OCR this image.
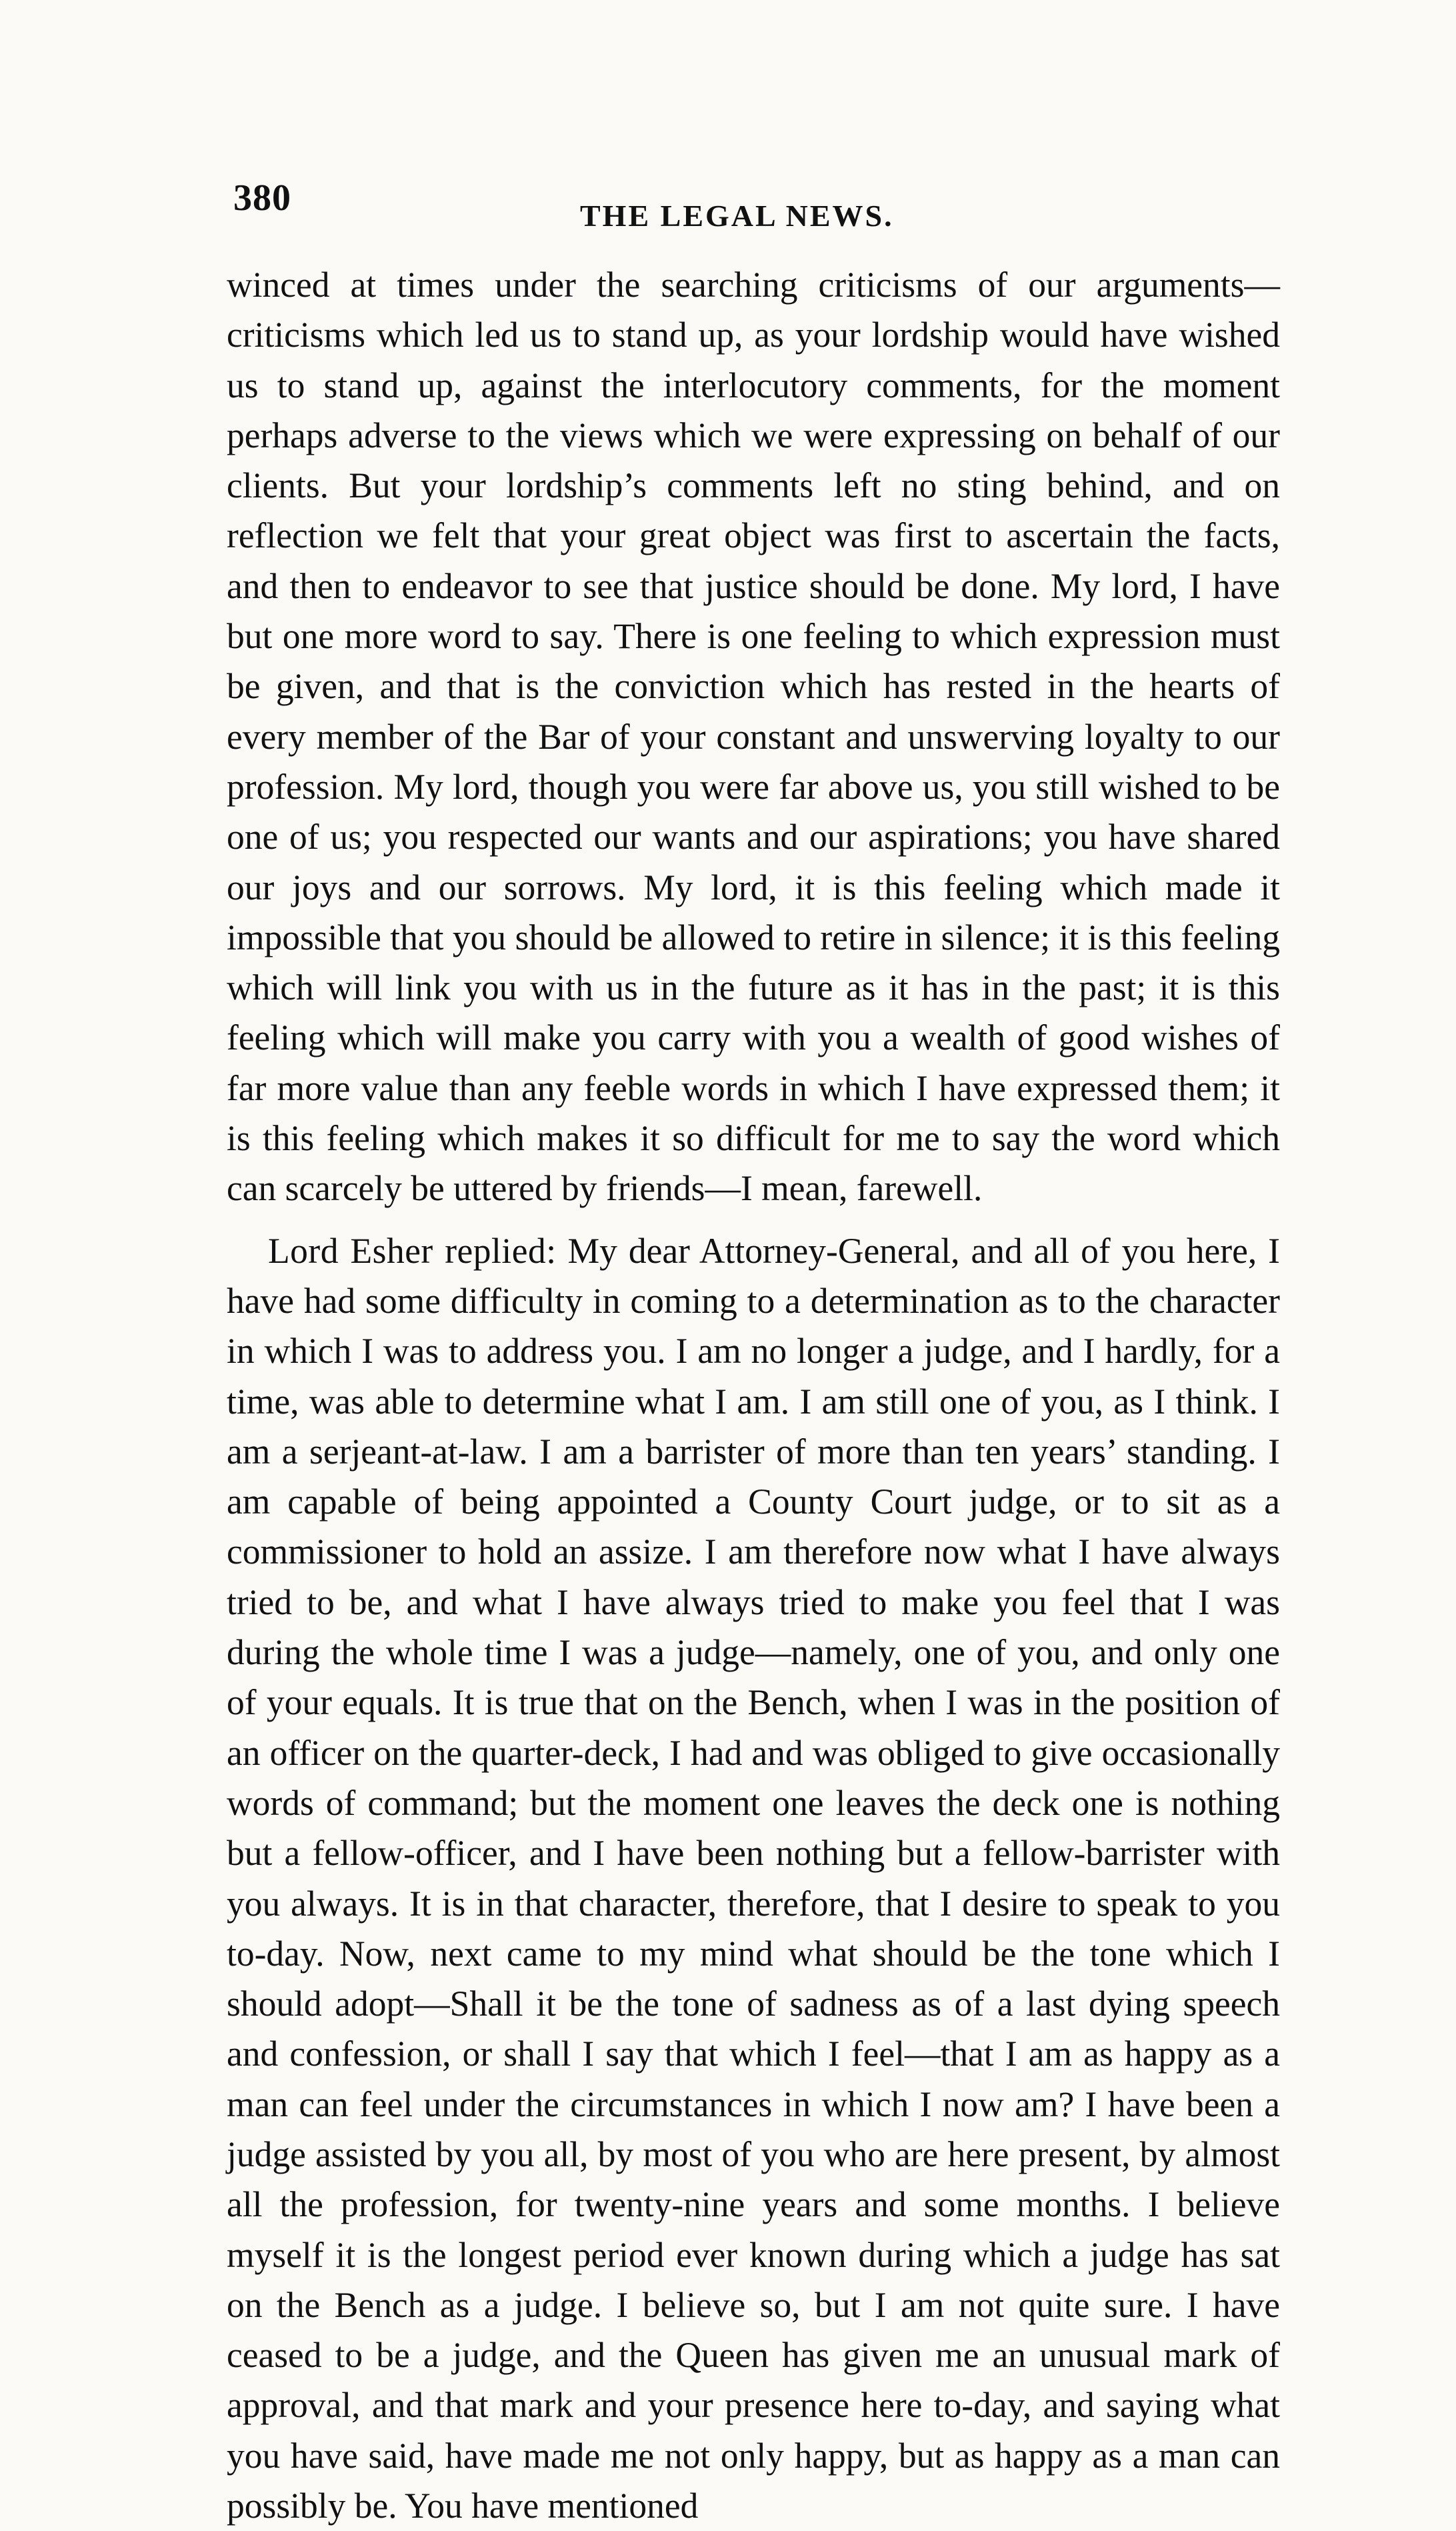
380	THE LEGAL NEWS.

winced at times under the searching criticisms of our arguments—criticisms which led us to stand up, as your lordship would have wished us to stand up, against the interlocutory comments, for the moment perhaps adverse to the views which we were expressing on behalf of our clients. But your lordship’s comments left no sting behind, and on reflection we felt that your great object was first to ascertain the facts, and then to endeavor to see that justice should be done. My lord, I have but one more word to say. There is one feeling to which expression must be given, and that is the conviction which has rested in the hearts of every member of the Bar of your constant and unswerving loyalty to our profession. My lord, though you were far above us, you still wished to be one of us; you respected our wants and our aspirations; you have shared our joys and our sorrows. My lord, it is this feeling which made it impossible that you should be allowed to retire in silence; it is this feeling which will link you with us in the future as it has in the past; it is this feeling which will make you carry with you a wealth of good wishes of far more value than any feeble words in which I have expressed them; it is this feeling which makes it so difficult for me to say the word which can scarcely be uttered by friends—I mean, farewell.

Lord Esher replied: My dear Attorney-General, and all of you here, I have had some difficulty in coming to a determination as to the character in which I was to address you. I am no longer a judge, and I hardly, for a time, was able to determine what I am. I am still one of you, as I think. I am a serjeant-at-law. I am a barrister of more than ten years’ standing. I am capable of being appointed a County Court judge, or to sit as a commissioner to hold an assize. I am therefore now what I have always tried to be, and what I have always tried to make you feel that I was during the whole time I was a judge—namely, one of you, and only one of your equals. It is true that on the Bench, when I was in the position of an officer on the quarter-deck, I had and was obliged to give occasionally words of command; but the moment one leaves the deck one is nothing but a fellow-officer, and I have been nothing but a fellow-barrister with you always. It is in that character, therefore, that I desire to speak to you to-day. Now, next came to my mind what should be the tone which I should adopt—Shall it be the tone of sadness as of a last dying speech and confession, or shall I say that which I feel—that I am as happy as a man can feel under the circumstances in which I now am? I have been a judge assisted by you all, by most of you who are here present, by almost all the profession, for twenty-nine years and some months. I believe myself it is the longest period ever known during which a judge has sat on the Bench as a judge. I believe so, but I am not quite sure. I have ceased to be a judge, and the Queen has given me an unusual mark of approval, and that mark and your presence here to-day, and saying what you have said, have made me not only happy, but as happy as a man can possibly be. You have mentioned
